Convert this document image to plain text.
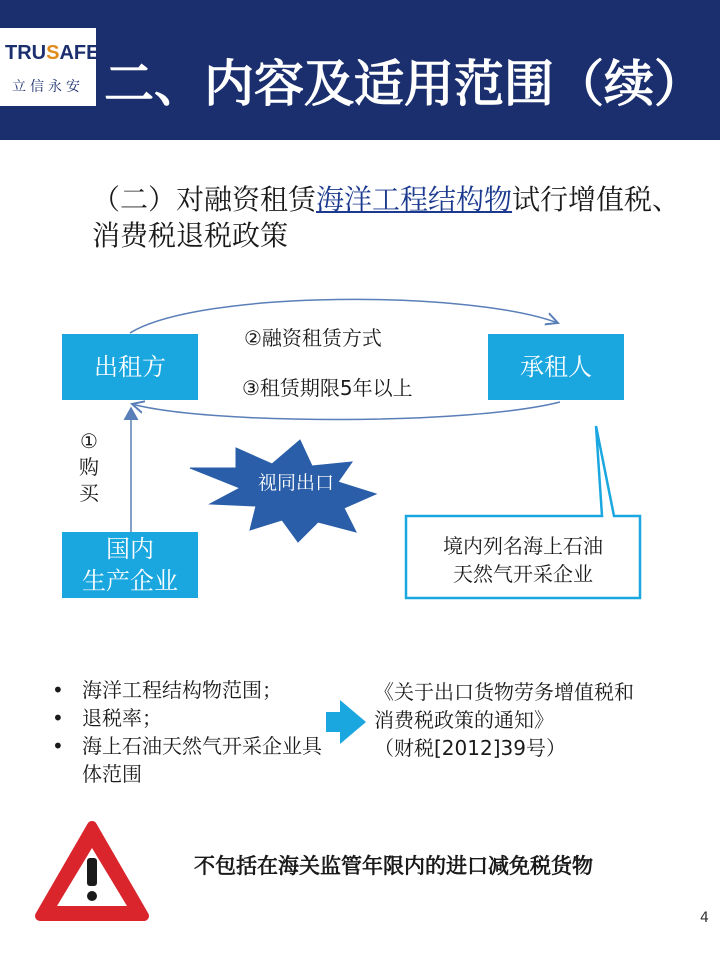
TRUSAFE
立信永安 二、内容及适用范围（续）
（二）对融资租赁海洋工程结构物试行增值税、消费税退税政策
出租方	承租人
国内
生产企业
②融资租赁方式
③租赁期限5年以上
①
购
买	视同出口
境内列名海上石油
天然气开采企业
• 海洋工程结构物范围；
• 退税率；
• 海上石油天然气开采企业具体范围
《关于出口货物劳务增值税和
消费税政策的通知》
（财税[2012]39号）
不包括在海关监管年限内的进口减免税货物
4
